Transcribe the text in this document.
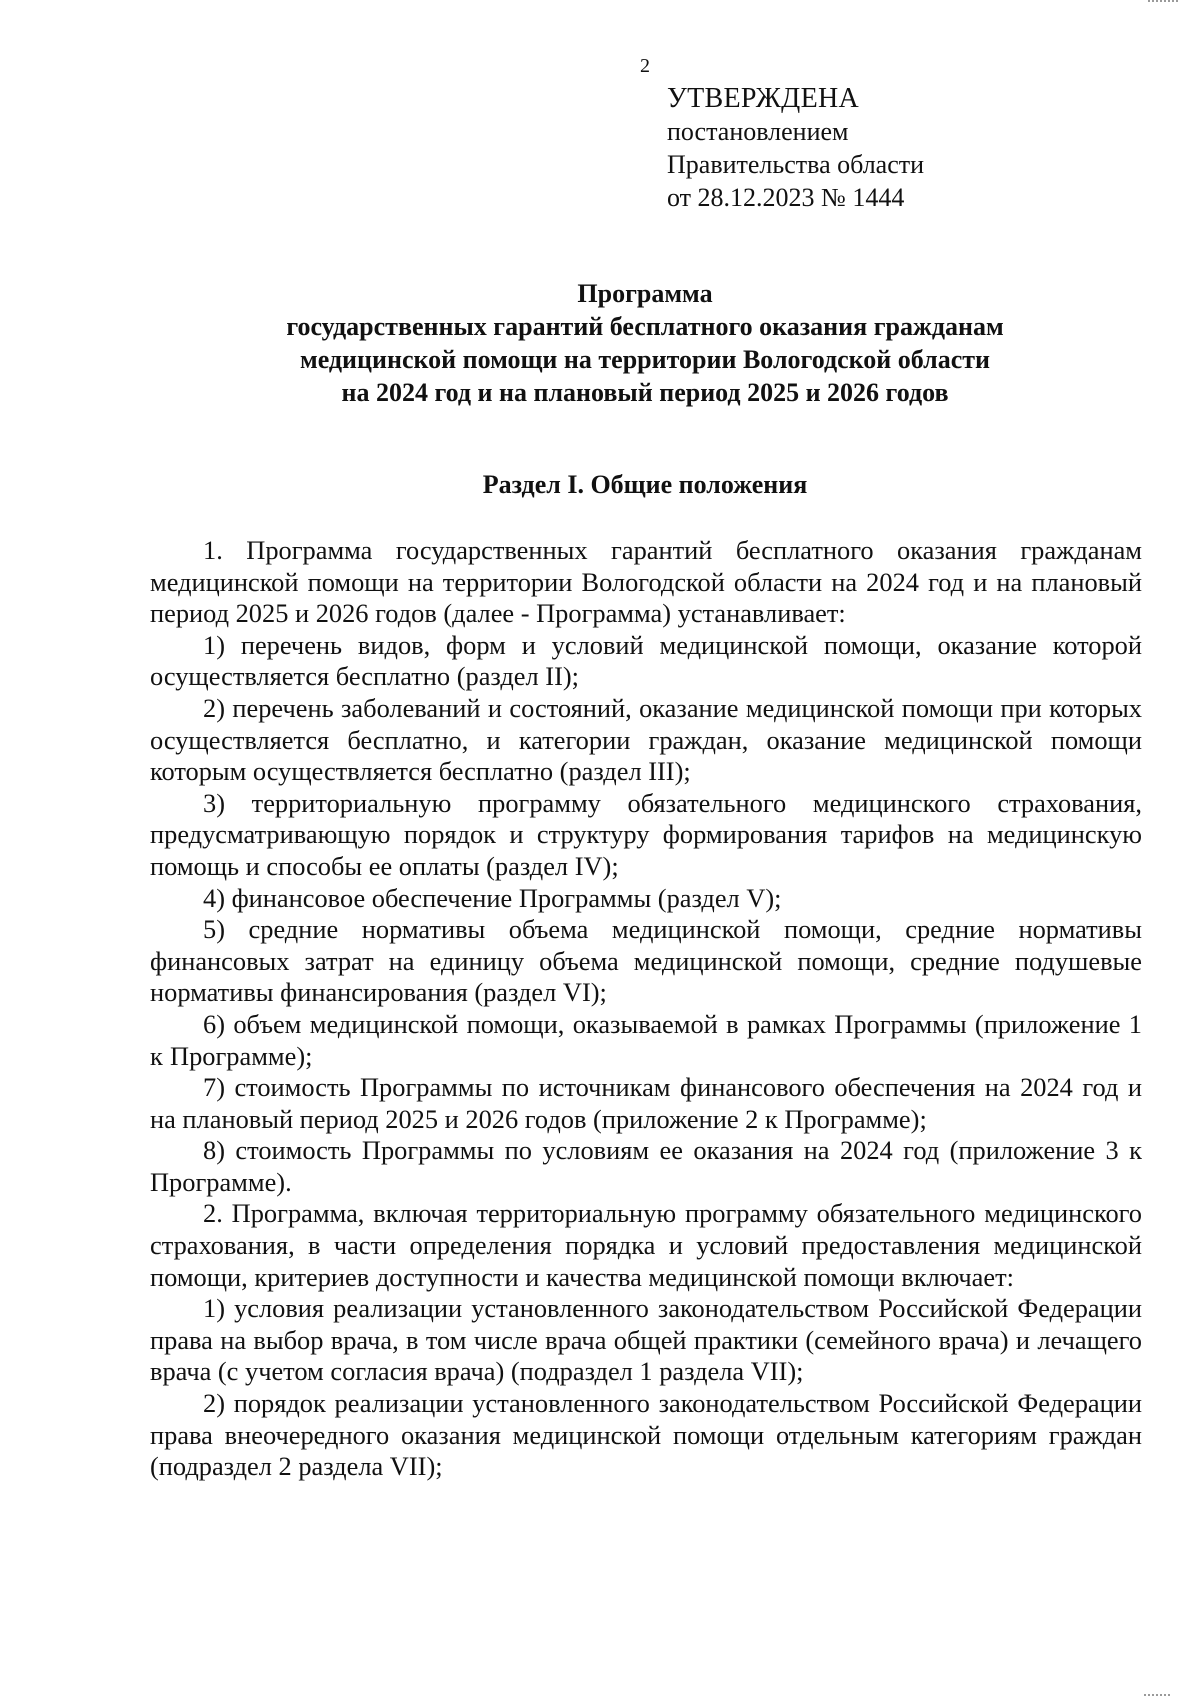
2
УТВЕРЖДЕНА
постановлением
Правительства области
от 28.12.2023 № 1444
Программа
государственных гарантий бесплатного оказания гражданам
медицинской помощи на территории Вологодской области
на 2024 год и на плановый период 2025 и 2026 годов
Раздел I. Общие положения

1. Программа государственных гарантий бесплатного оказания гражданам медицинской помощи на территории Вологодской области на 2024 год и на плановый период 2025 и 2026 годов (далее - Программа) устанавливает:

1) перечень видов, форм и условий медицинской помощи, оказание которой осуществляется бесплатно (раздел II);

2) перечень заболеваний и состояний, оказание медицинской помощи при которых осуществляется бесплатно, и категории граждан, оказание медицинской помощи которым осуществляется бесплатно (раздел III);

3) территориальную программу обязательного медицинского страхования, предусматривающую порядок и структуру формирования тарифов на медицинскую помощь и способы ее оплаты (раздел IV);

4) финансовое обеспечение Программы (раздел V);

5) средние нормативы объема медицинской помощи, средние нормативы финансовых затрат на единицу объема медицинской помощи, средние подушевые нормативы финансирования (раздел VI);

6) объем медицинской помощи, оказываемой в рамках Программы (приложение 1 к Программе);

7) стоимость Программы по источникам финансового обеспечения на 2024 год и на плановый период 2025 и 2026 годов (приложение 2 к Программе);

8) стоимость Программы по условиям ее оказания на 2024 год (приложение 3 к Программе).

2. Программа, включая территориальную программу обязательного медицинского страхования, в части определения порядка и условий предоставления медицинской помощи, критериев доступности и качества медицинской помощи включает:

1) условия реализации установленного законодательством Российской Федерации права на выбор врача, в том числе врача общей практики (семейного врача) и лечащего врача (с учетом согласия врача) (подраздел 1 раздела VII);

2) порядок реализации установленного законодательством Российской Федерации права внеочередного оказания медицинской помощи отдельным категориям граждан (подраздел 2 раздела VII);
